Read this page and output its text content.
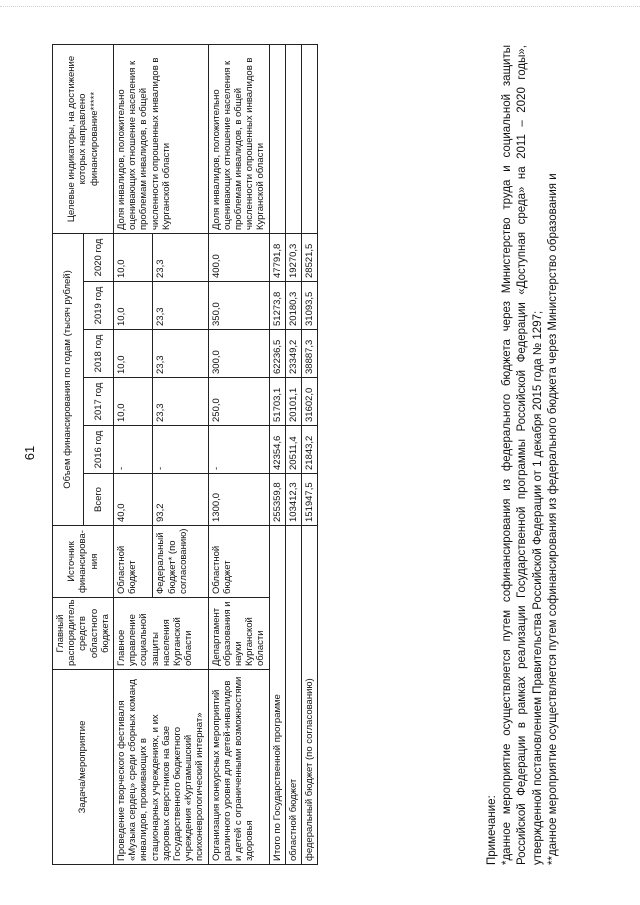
61
Задача/мероприятие	Главный распорядитель средств областного бюджета	Источник финансирова-ния	Объем финансирования по годам (тысяч рублей)						Целевые индикаторы, на достижение которых направлено финансирование*****
			Всего	2016 год	2017 год	2018 год	2019 год	2020 год	
Проведение творческого фестиваля «Музыка сердец» среди сборных команд инвалидов, проживающих в стационарных учреждениях, и их здоровых сверстников на базе Государственного бюджетного учреждения «Куртамышский психоневрологический интернат»	Главное управление социальной защиты населения Курганской области	Областной бюджет	40,0	-	10,0	10,0	10,0	10,0	Доля инвалидов, положительно оценивающих отношение населения к проблемам инвалидов, в общей численности опрошенных инвалидов в Курганской области
		Федеральный бюджет* (по согласованию)	93,2	-	23,3	23,3	23,3	23,3	
Организация конкурсных мероприятий различного уровня для детей-инвалидов и детей с ограниченными возможностями здоровья	Департамент образования и науки Курганской области	Областной бюджет	1300,0	-	250,0	300,0	350,0	400,0	Доля инвалидов, положительно оценивающих отношение населения к проблемам инвалидов, в общей численности опрошенных инвалидов в Курганской области
Итого по Государственной программе			255359,8	42354,6	51703,1	62236,5	51273,8	47791,8	
областной бюджет			103412,3	20511,4	20101,1	23349,2	20180,3	19270,3	
федеральный бюджет (по согласованию)			151947,5	21843,2	31602,0	38887,3	31093,5	28521,5	

Примечание: *данное мероприятие осуществляется путем софинансирования из федерального бюджета через Министерство труда и социальной защиты Российской Федерации в рамках реализации Государственной программы Российской Федерации «Доступная среда» на 2011 – 2020 годы», утвержденной постановлением Правительства Российской Федерации от 1 декабря 2015 года № 1297; **данное мероприятие осуществляется путем софинансирования из федерального бюджета через Министерство образования и
